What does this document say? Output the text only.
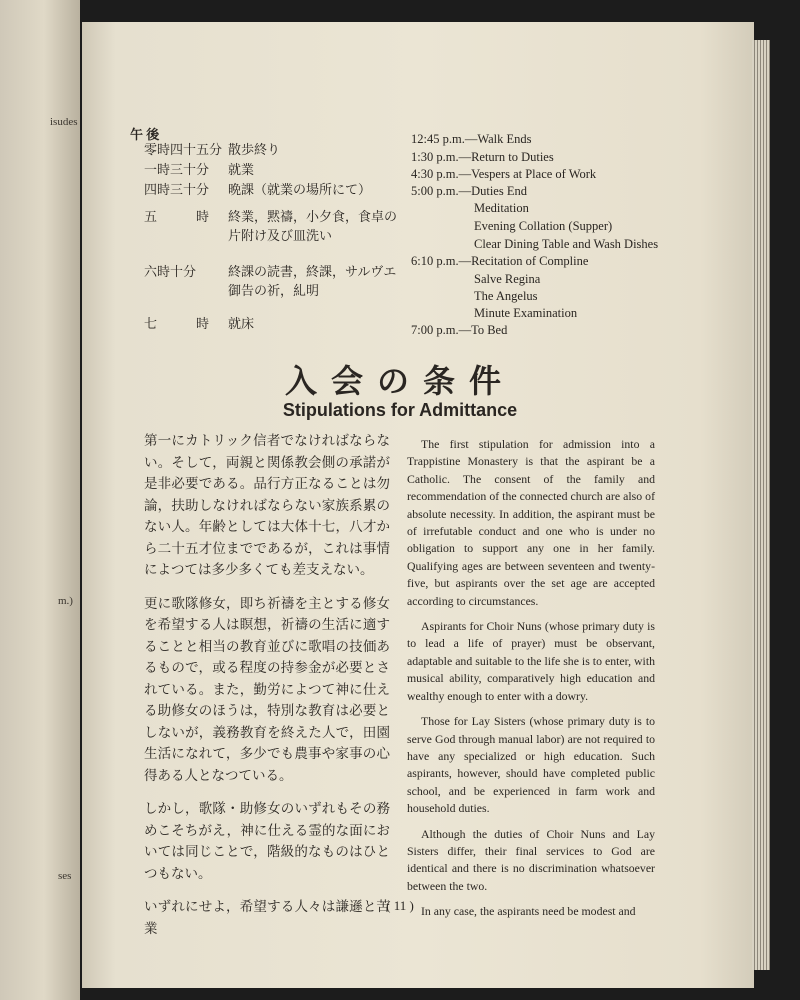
isudes
m.)
ses
午 後
零時四十五分 散歩終り
一時三十分 就業
四時三十分 晩課（就業の場所にて）
五　　　時 終業，黙禱，小夕食，食卓の
片附け及び皿洗い
六時十分 終課の読書，終課，サルヴエ
御告の祈，糺明
七　　　時 就床
12:45 p.m.—Walk Ends
1:30 p.m.—Return to Duties
4:30 p.m.—Vespers at Place of Work
5:00 p.m.—Duties End
Meditation
Evening Collation (Supper)
Clear Dining Table and Wash Dishes
6:10 p.m.—Recitation of Compline
Salve Regina
The Angelus
Minute Examination
7:00 p.m.—To Bed
入会の条件
Stipulations for Admittance

第一にカトリック信者でなければならない。そして，両親と関係教会側の承諾が是非必要である。品行方正なることは勿論，扶助しなければならない家族系累のない人。年齢としては大体十七，八才から二十五才位までであるが，これは事情によつては多少多くても差支えない。

更に歌隊修女，即ち祈禱を主とする修女を希望する人は瞑想，祈禱の生活に適することと相当の教育並びに歌唱の技価あるもので，或る程度の持参金が必要とされている。また，勤労によつて神に仕える助修女のほうは，特別な教育は必要としないが，義務教育を終えた人で，田園生活になれて，多少でも農事や家事の心得ある人となつている。

しかし，歌隊・助修女のいずれもその務めこそちがえ，神に仕える霊的な面においては同じことで，階級的なものはひとつもない。

いずれにせよ，希望する人々は謙遜と苦業

The first stipulation for admission into a Trappistine Monastery is that the aspirant be a Catholic. The consent of the family and recommendation of the connected church are also of absolute necessity. In addition, the aspirant must be of irrefutable conduct and one who is under no obligation to support any one in her family. Qualifying ages are between seventeen and twenty-five, but aspirants over the set age are accepted according to circumstances.

Aspirants for Choir Nuns (whose primary duty is to lead a life of prayer) must be observant, adaptable and suitable to the life she is to enter, with musical ability, comparatively high education and wealthy enough to enter with a dowry.

Those for Lay Sisters (whose primary duty is to serve God through manual labor) are not required to have any specialized or high education. Such aspirants, however, should have completed public school, and be experienced in farm work and household duties.

Although the duties of Choir Nuns and Lay Sisters differ, their final services to God are identical and there is no discrimination whatsoever between the two.

In any case, the aspirants need be modest and

( 11 )
